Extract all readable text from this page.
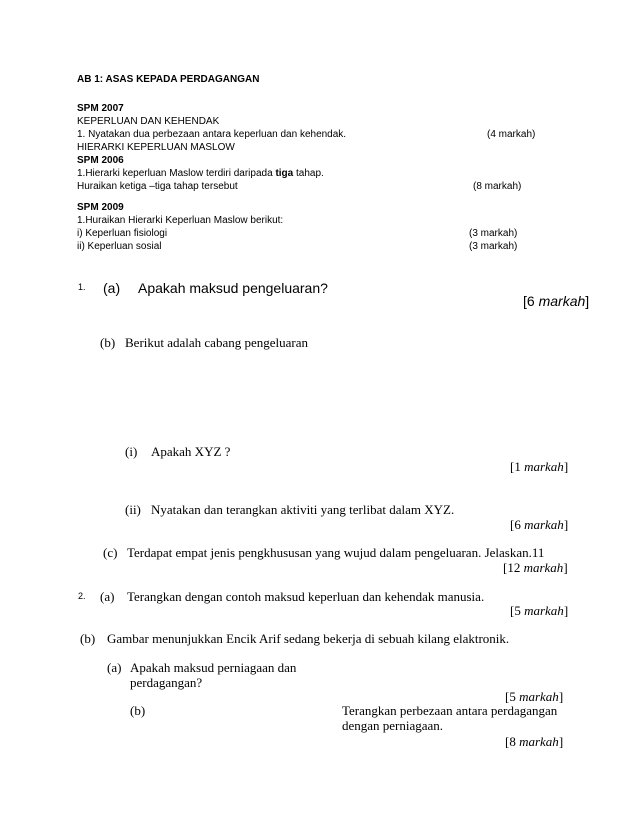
AB 1: ASAS KEPADA PERDAGANGAN
SPM 2007
KEPERLUAN DAN KEHENDAK
1. Nyatakan dua perbezaan antara keperluan dan kehendak.	(4 markah)
HIERARKI KEPERLUAN MASLOW
SPM 2006
1.Hierarki keperluan Maslow terdiri daripada tiga tahap.
Huraikan ketiga –tiga tahap tersebut	(8 markah)
SPM 2009
1.Huraikan Hierarki Keperluan Maslow berikut:
i) Keperluan fisiologi	(3 markah)
ii) Keperluan sosial	(3 markah)
1. (a) Apakah maksud pengeluaran?
[6 markah]
(b) Berikut adalah cabang pengeluaran
(i) Apakah XYZ ?
[1 markah]
(ii) Nyatakan dan terangkan aktiviti yang terlibat dalam XYZ.
[6 markah]
(c) Terdapat empat jenis pengkhususan yang wujud dalam pengeluaran. Jelaskan.11
[12 markah]
2. (a) Terangkan dengan contoh maksud keperluan dan kehendak manusia.
[5 markah]
(b) Gambar menunjukkan Encik Arif sedang bekerja di sebuah kilang elaktronik.
(a) Apakah maksud perniagaan dan
perdagangan?
[5 markah]
(b)	Terangkan perbezaan antara perdagangan
dengan perniagaan.
[8 markah]
